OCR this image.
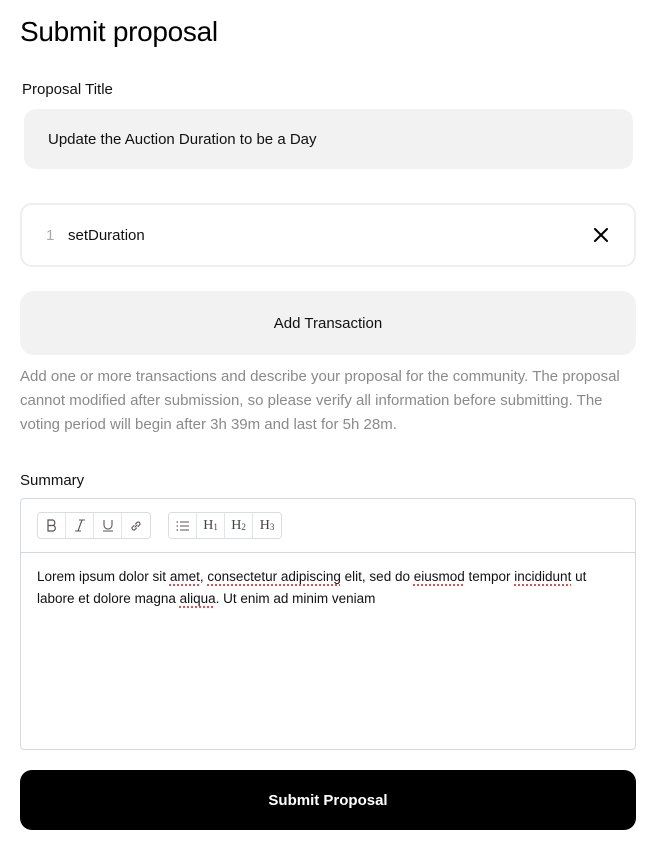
Submit proposal
Proposal Title
Update the Auction Duration to be a Day
1 setDuration
Add Transaction

Add one or more transactions and describe your proposal for the community. The proposal cannot modified after submission, so please verify all information before submitting. The voting period will begin after 3h 39m and last for 5h 28m.

Summary
$H_1$ $H_2$ $H_3$
Lorem ipsum dolor sit amet, consectetur adipiscing elit, sed do eiusmod tempor incididunt ut labore et dolore magna aliqua. Ut enim ad minim veniam
Submit Proposal
